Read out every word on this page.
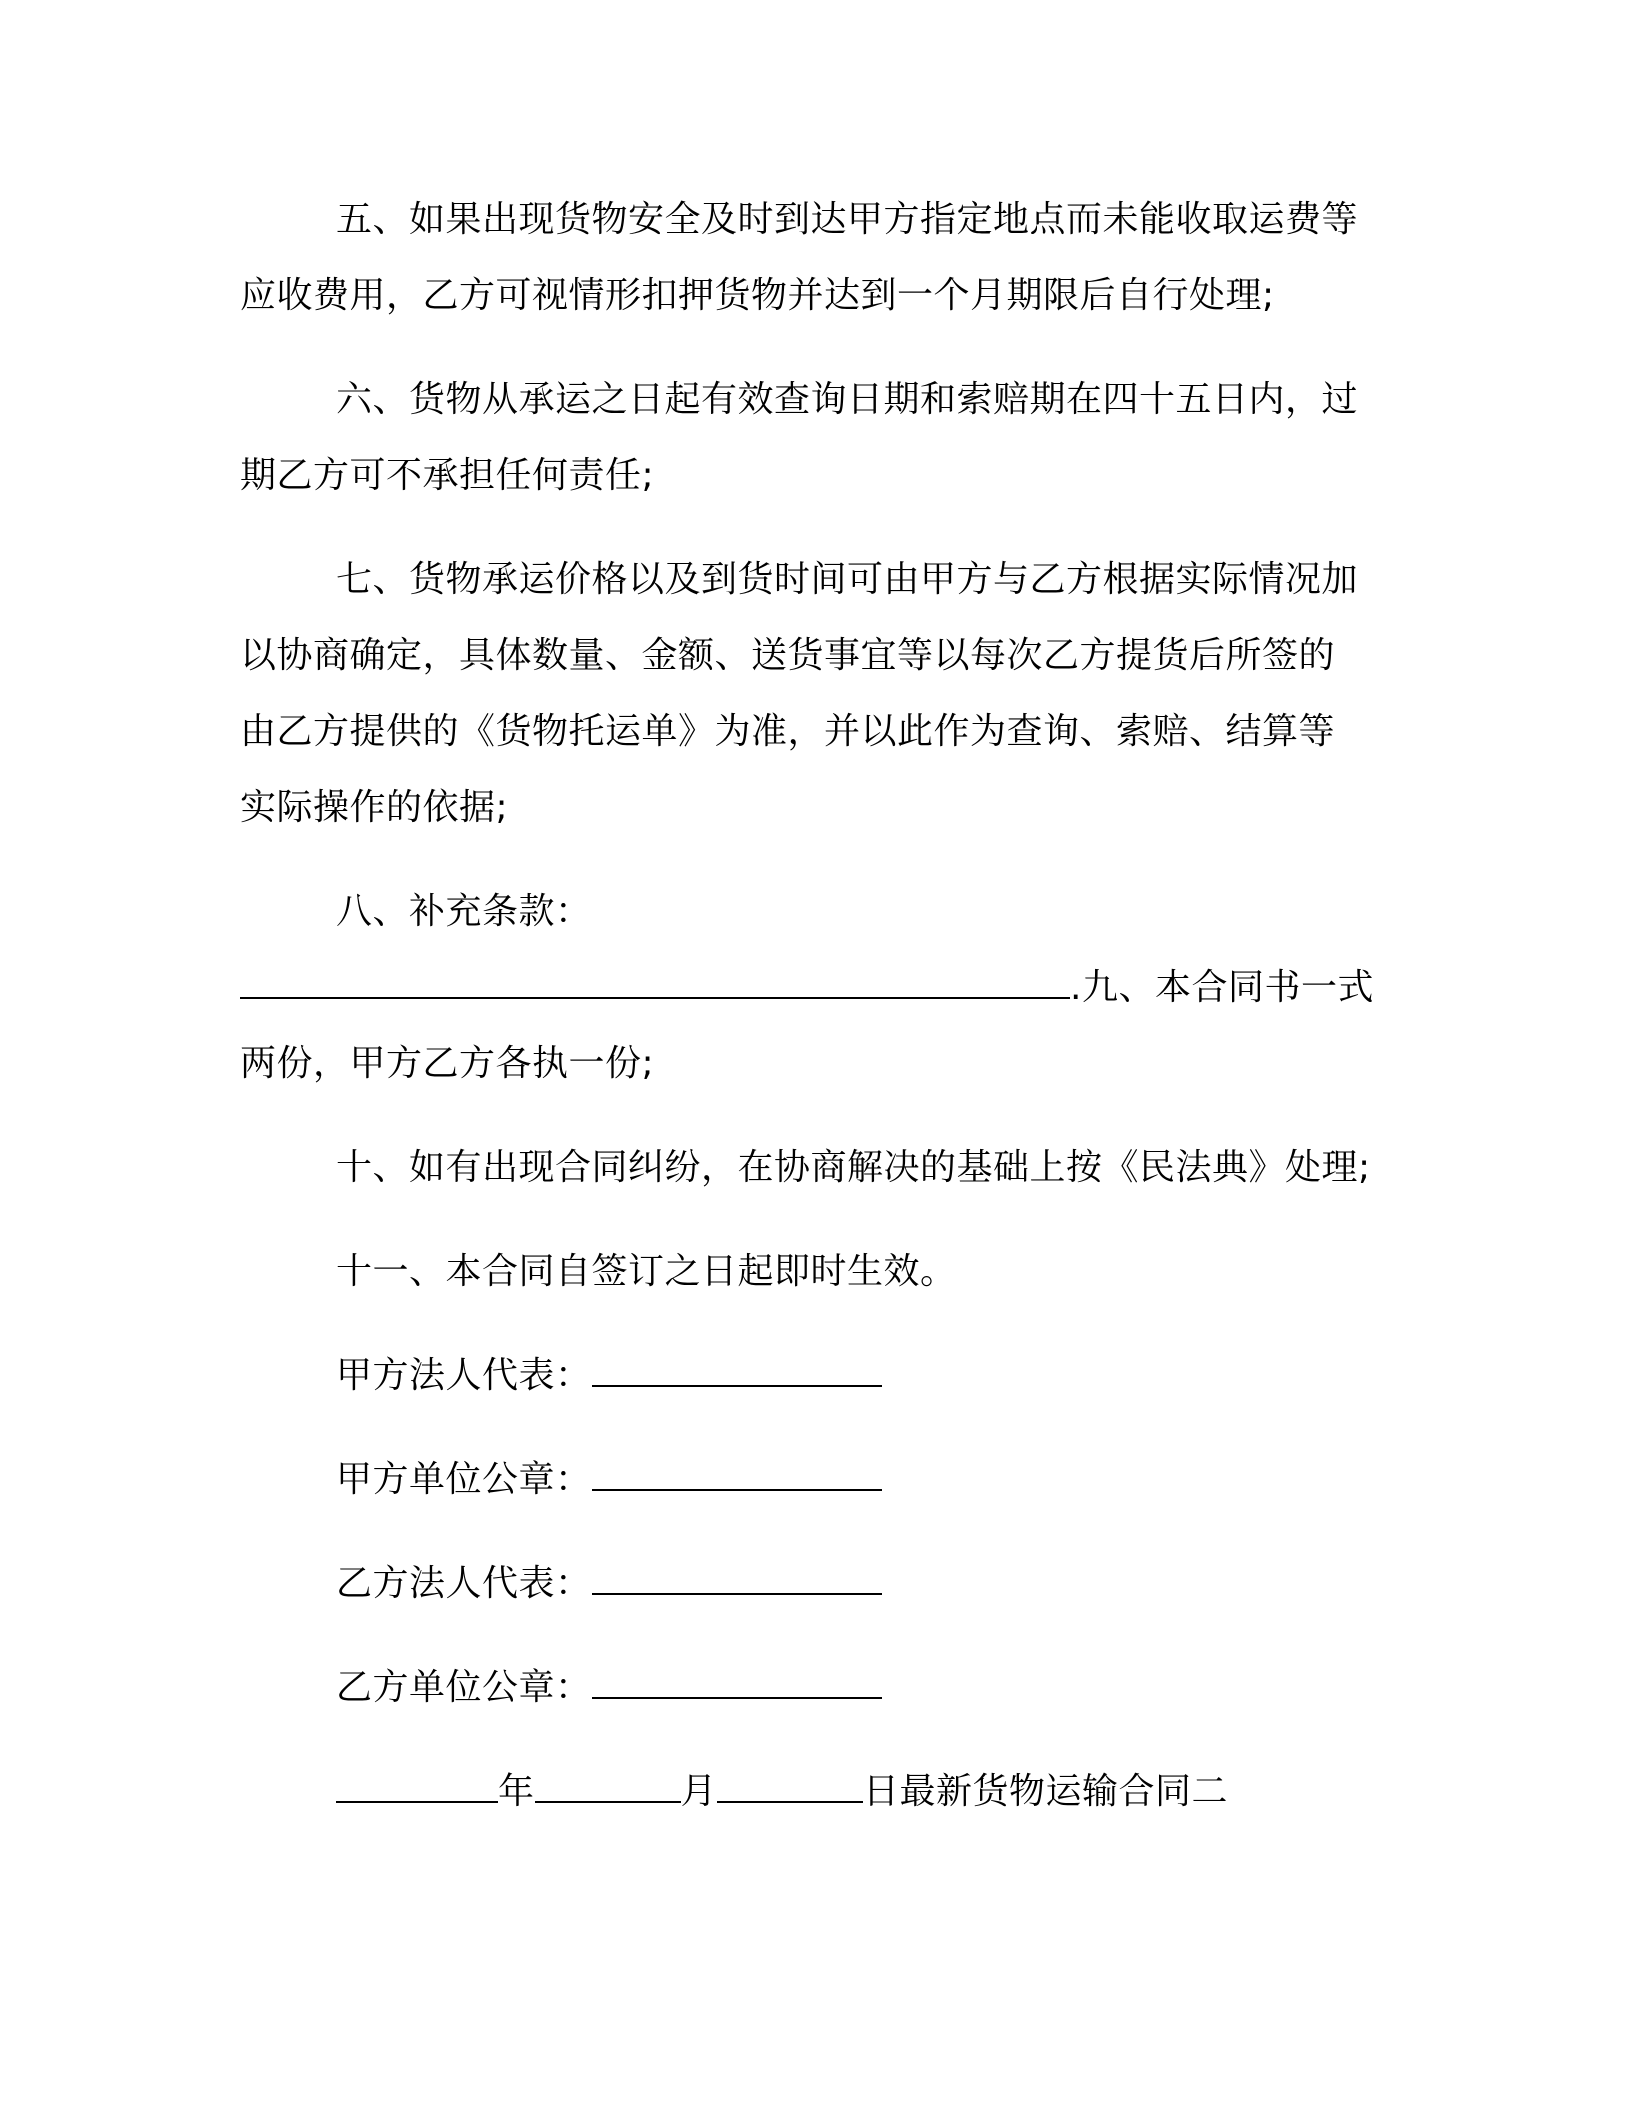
五、如果出现货物安全及时到达甲方指定地点而未能收取运费等
应收费用，乙方可视情形扣押货物并达到一个月期限后自行处理;
六、货物从承运之日起有效查询日期和索赔期在四十五日内，过
期乙方可不承担任何责任;
七、货物承运价格以及到货时间可由甲方与乙方根据实际情况加
以协商确定，具体数量、金额、送货事宜等以每次乙方提货后所签的
由乙方提供的《货物托运单》为准，并以此作为查询、索赔、结算等
实际操作的依据;
八、补充条款：
.九、本合同书一式
两份，甲方乙方各执一份;
十、如有出现合同纠纷，在协商解决的基础上按《民法典》处理;
十一、本合同自签订之日起即时生效。
甲方法人代表：
甲方单位公章：
乙方法人代表：
乙方单位公章：
年	月	日最新货物运输合同二
